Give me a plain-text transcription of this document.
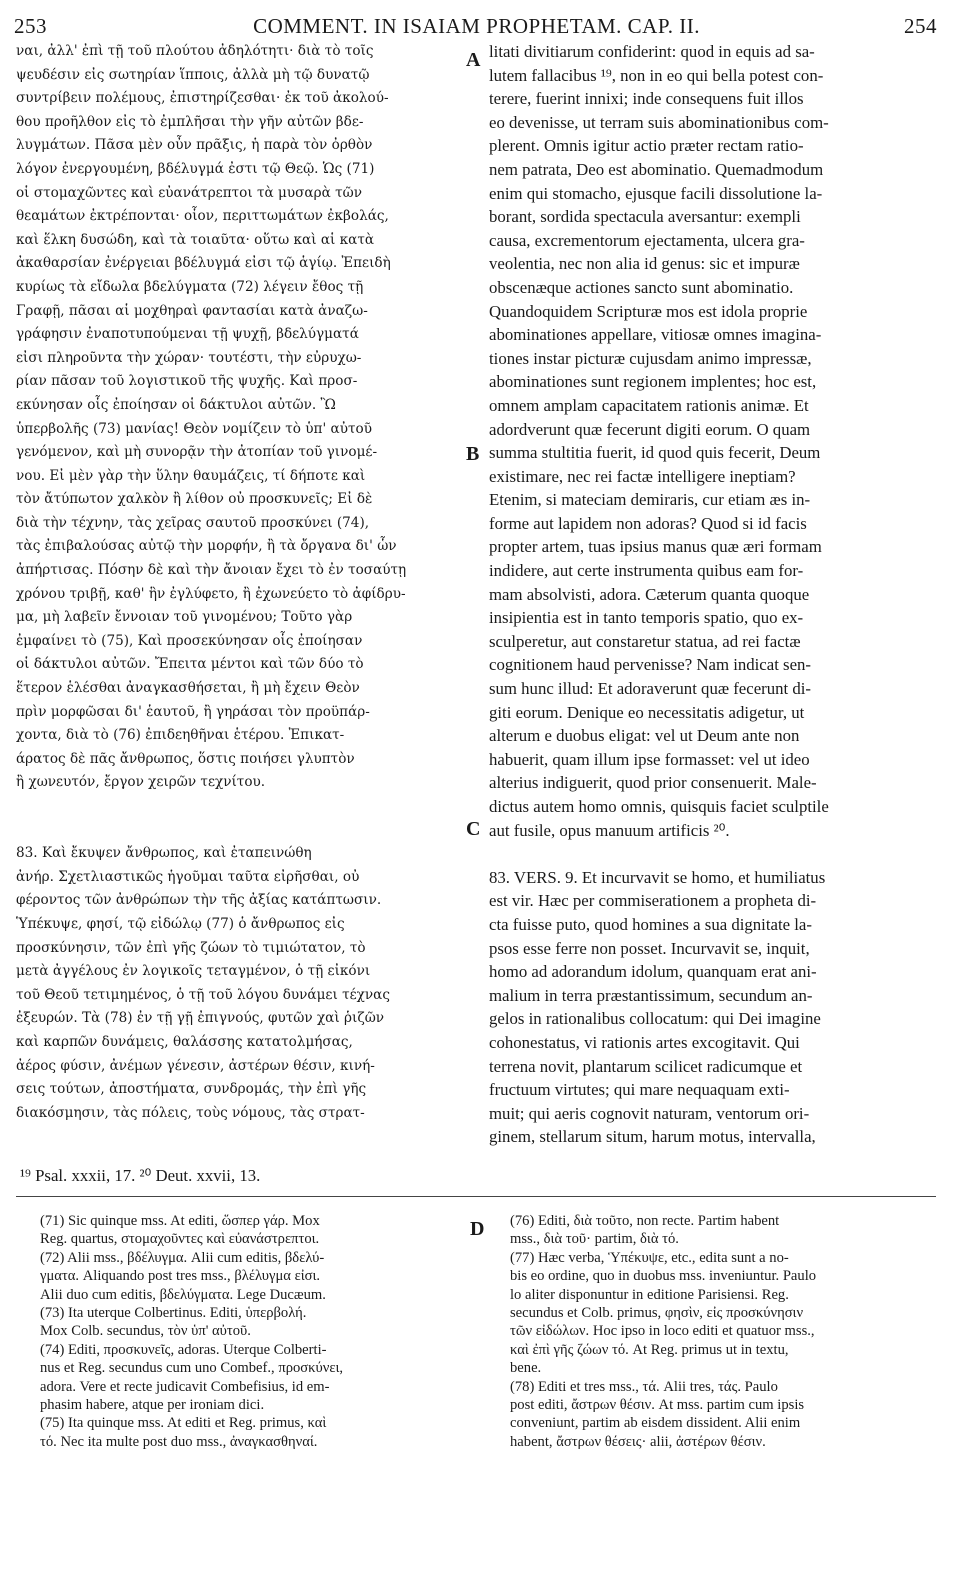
253	COMMENT. IN ISAIAM PROPHETAM. CAP. II.	254
A
B
C
D
ναι, ἀλλ' ἐπὶ τῇ τοῦ πλούτου ἀδηλότητι· διὰ τὸ τοῖς
ψευδέσιν εἰς σωτηρίαν ἵπποις, ἀλλὰ μὴ τῷ δυνατῷ
συντρίβειν πολέμους, ἐπιστηρίζεσθαι· ἐκ τοῦ ἀκολού-
θου προῆλθον εἰς τὸ ἐμπλῆσαι τὴν γῆν αὐτῶν βδε-
λυγμάτων. Πᾶσα μὲν οὖν πρᾶξις, ἡ παρὰ τὸν ὀρθὸν
λόγον ἐνεργουμένη, βδέλυγμά ἐστι τῷ Θεῷ. Ὡς (71)
οἱ στομαχῶντες καὶ εὐανάτρεπτοι τὰ μυσαρὰ τῶν
θεαμάτων ἐκτρέπονται· οἷον, περιττωμάτων ἐκβολάς,
καὶ ἕλκη δυσώδη, καὶ τὰ τοιαῦτα· οὕτω καὶ αἱ κατὰ
ἀκαθαρσίαν ἐνέργειαι βδέλυγμά εἰσι τῷ ἁγίῳ. Ἐπειδὴ
κυρίως τὰ εἴδωλα βδελύγματα (72) λέγειν ἔθος τῇ
Γραφῇ, πᾶσαι αἱ μοχθηραὶ φαντασίαι κατὰ ἀναζω-
γράφησιν ἐναποτυπούμεναι τῇ ψυχῇ, βδελύγματά
εἰσι πληροῦντα τὴν χώραν· τουτέστι, τὴν εὐρυχω-
ρίαν πᾶσαν τοῦ λογιστικοῦ τῆς ψυχῆς. Καὶ προσ-
εκύνησαν οἷς ἐποίησαν οἱ δάκτυλοι αὐτῶν. Ὢ
ὑπερβολῆς (73) μανίας! Θεὸν νομίζειν τὸ ὑπ' αὐτοῦ
γενόμενον, καὶ μὴ συνορᾷν τὴν ἀτοπίαν τοῦ γινομέ-
νου. Εἰ μὲν γὰρ τὴν ὕλην θαυμάζεις, τί δήποτε καὶ
τὸν ἄτύπωτον χαλκὸν ἢ λίθον οὐ προσκυνεῖς; Εἰ δὲ
διὰ τὴν τέχνην, τὰς χεῖρας σαυτοῦ προσκύνει (74),
τὰς ἐπιβαλούσας αὐτῷ τὴν μορφήν, ἢ τὰ ὄργανα δι' ὧν
ἀπήρτισας. Πόσην δὲ καὶ τὴν ἄνοιαν ἔχει τὸ ἐν τοσαύτῃ
χρόνου τριβῇ, καθ' ἣν ἐγλύφετο, ἢ ἐχωνεύετο τὸ ἀφίδρυ-
μα, μὴ λαβεῖν ἔννοιαν τοῦ γινομένου; Τοῦτο γὰρ
ἐμφαίνει τὸ (75), Καὶ προσεκύνησαν οἷς ἐποίησαν
οἱ δάκτυλοι αὐτῶν. Ἔπειτα μέντοι καὶ τῶν δύο τὸ
ἕτερον ἑλέσθαι ἀναγκασθήσεται, ἢ μὴ ἔχειν Θεὸν
πρὶν μορφῶσαι δι' ἑαυτοῦ, ἢ γηράσαι τὸν προϋπάρ-
χοντα, διὰ τὸ (76) ἐπιδεηθῆναι ἑτέρου. Ἐπικατ-
άρατος δὲ πᾶς ἄνθρωπος, ὅστις ποιήσει γλυπτὸν
ἢ χωνευτόν, ἔργον χειρῶν τεχνίτου.
83. Καὶ ἔκυψεν ἄνθρωπος, καὶ ἐταπεινώθη
ἀνήρ. Σχετλιαστικῶς ἡγοῦμαι ταῦτα εἰρῆσθαι, οὐ
φέροντος τῶν ἀνθρώπων τὴν τῆς ἀξίας κατάπτωσιν.
Ὑπέκυψε, φησί, τῷ εἰδώλῳ (77) ὁ ἄνθρωπος εἰς
προσκύνησιν, τῶν ἐπὶ γῆς ζώων τὸ τιμιώτατον, τὸ
μετὰ ἀγγέλους ἐν λογικοῖς τεταγμένον, ὁ τῇ εἰκόνι
τοῦ Θεοῦ τετιμημένος, ὁ τῇ τοῦ λόγου δυνάμει τέχνας
ἐξευρών. Τὰ (78) ἐν τῇ γῇ ἐπιγνούς, φυτῶν χαὶ ῥιζῶν
καὶ καρπῶν δυνάμεις, θαλάσσης κατατολμήσας,
ἀέρος φύσιν, ἀνέμων γένεσιν, ἀστέρων θέσιν, κινή-
σεις τούτων, ἀποστήματα, συνδρομάς, τὴν ἐπὶ γῆς
διακόσμησιν, τὰς πόλεις, τοὺς νόμους, τὰς στρατ-
litati divitiarum confiderint: quod in equis ad sa-
lutem fallacibus ¹⁹, non in eo qui bella potest con-
terere, fuerint innixi; inde consequens fuit illos
eo devenisse, ut terram suis abominationibus com-
plerent. Omnis igitur actio præter rectam ratio-
nem patrata, Deo est abominatio. Quemadmodum
enim qui stomacho, ejusque facili dissolutione la-
borant, sordida spectacula aversantur: exempli
causa, excrementorum ejectamenta, ulcera gra-
veolentia, nec non alia id genus: sic et impuræ
obscenæque actiones sancto sunt abominatio.
Quandoquidem Scripturæ mos est idola proprie
abominationes appellare, vitiosæ omnes imagina-
tiones instar picturæ cujusdam animo impressæ,
abominationes sunt regionem implentes; hoc est,
omnem amplam capacitatem rationis animæ. Et
adordverunt quæ fecerunt digiti eorum. O quam
summa stultitia fuerit, id quod quis fecerit, Deum
existimare, nec rei factæ intelligere ineptiam?
Etenim, si mateciam demiraris, cur etiam æs in-
forme aut lapidem non adoras? Quod si id facis
propter artem, tuas ipsius manus quæ æri formam
indidere, aut certe instrumenta quibus eam for-
mam absolvisti, adora. Cæterum quanta quoque
insipientia est in tanto temporis spatio, quo ex-
sculperetur, aut constaretur statua, ad rei factæ
cognitionem haud pervenisse? Nam indicat sen-
sum hunc illud: Et adoraverunt quæ fecerunt di-
giti eorum. Denique eo necessitatis adigetur, ut
alterum e duobus eligat: vel ut Deum ante non
habuerit, quam illum ipse formasset: vel ut ideo
alterius indiguerit, quod prior consenuerit. Male-
dictus autem homo omnis, quisquis faciet sculptile
aut fusile, opus manuum artificis ²⁰.
83. VERS. 9. Et incurvavit se homo, et humiliatus
est vir. Hæc per commiserationem a propheta di-
cta fuisse puto, quod homines a sua dignitate la-
psos esse ferre non posset. Incurvavit se, inquit,
homo ad adorandum idolum, quanquam erat ani-
malium in terra præstantissimum, secundum an-
gelos in rationalibus collocatum: qui Dei imagine
cohonestatus, vi rationis artes excogitavit. Qui
terrena novit, plantarum scilicet radicumque et
fructuum virtutes; qui mare nequaquam exti-
muit; qui aeris cognovit naturam, ventorum ori-
ginem, stellarum situm, harum motus, intervalla,
¹⁹ Psal. xxxii, 17. ²⁰ Deut. xxvii, 13.
(71) Sic quinque mss. At editi, ὥσπερ γάρ. Mox
Reg. quartus, στομαχοῦντες καὶ εὐανάστρεπτοι.
(72) Alii mss., βδέλυγμα. Alii cum editis, βδελύ-
γματα. Aliquando post tres mss., βλέλυγμα εἰσι.
Alii duo cum editis, βδελύγματα. Lege Ducæum.
(73) Ita uterque Colbertinus. Editi, ὑπερβολή.
Mox Colb. secundus, τὸν ὑπ' αὐτοῦ.
(74) Editi, προσκυνεῖς, adoras. Uterque Colberti-
nus et Reg. secundus cum uno Combef., προσκύνει,
adora. Vere et recte judicavit Combefisius, id em-
phasim habere, atque per ironiam dici.
(75) Ita quinque mss. At editi et Reg. primus, καὶ
τό. Nec ita multe post duo mss., ἀναγκασθηναί.
(76) Editi, διὰ τοῦτο, non recte. Partim habent
mss., διὰ τοῦ· partim, διὰ τό.
(77) Hæc verba, Ὑπέκυψε, etc., edita sunt a no-
bis eo ordine, quo in duobus mss. inveniuntur. Paulo
lo aliter disponuntur in editione Parisiensi. Reg.
secundus et Colb. primus, φησὶν, εἰς προσκύνησιν
τῶν εἰδώλων. Hoc ipso in loco editi et quatuor mss.,
καὶ ἐπὶ γῆς ζώων τό. At Reg. primus ut in textu,
bene.
(78) Editi et tres mss., τά. Alii tres, τάς. Paulo
post editi, ἄστρων θέσιν. At mss. partim cum ipsis
conveniunt, partim ab eisdem dissident. Alii enim
habent, ἄστρων θέσεις· alii, ἀστέρων θέσιν.
